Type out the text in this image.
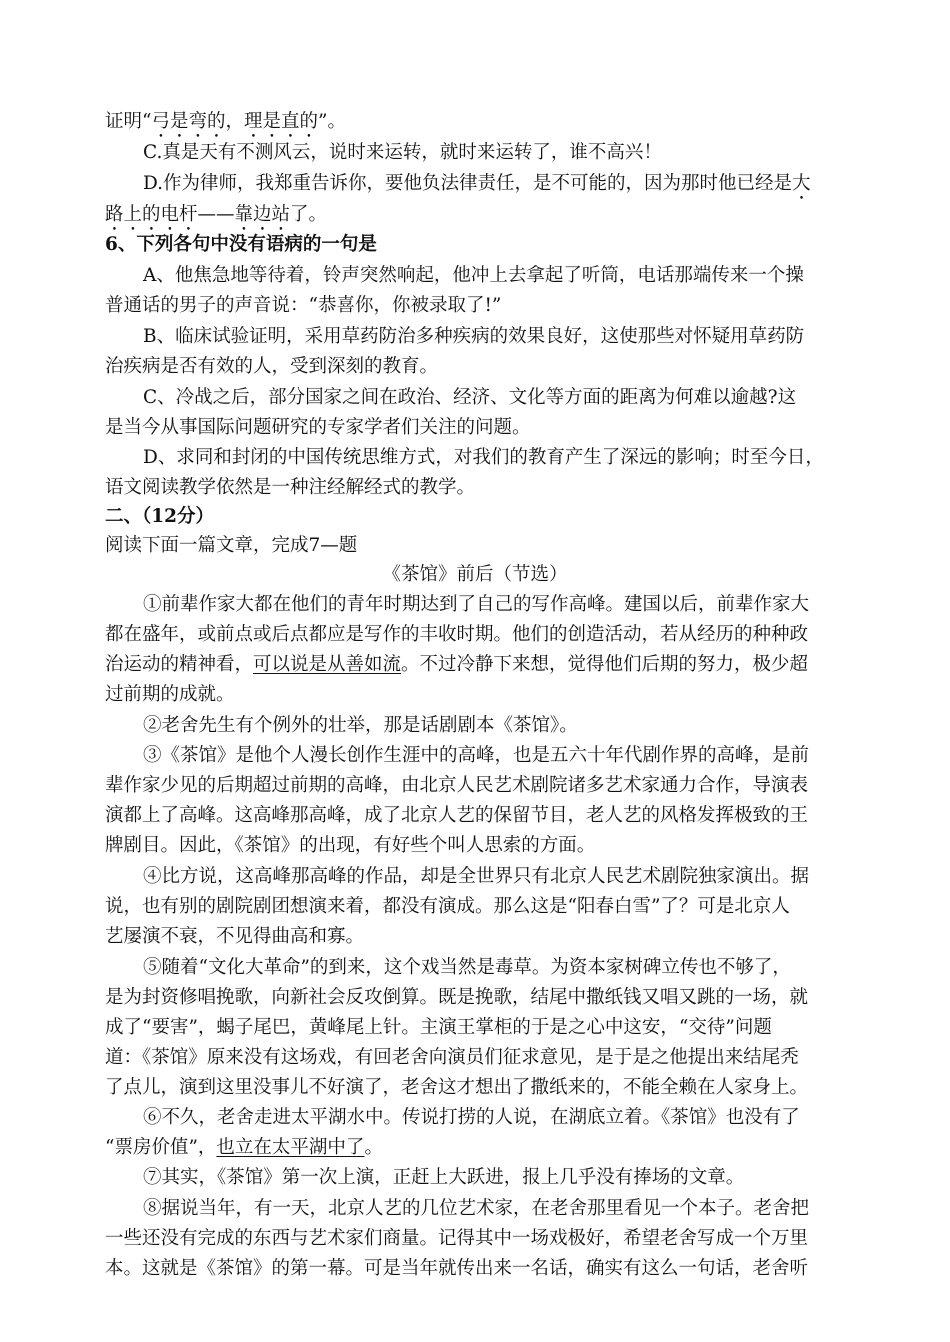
证明“弓是弯的，理是直的”。
C.真是天有不测风云，说时来运转，就时来运转了，谁不高兴！
D.作为律师，我郑重告诉你，要他负法律责任，是不可能的，因为那时他已经是大
路上的电杆——靠边站了。
6、下列各句中没有语病的一句是
A、他焦急地等待着，铃声突然响起，他冲上去拿起了听筒，电话那端传来一个操
普通话的男子的声音说：“恭喜你，你被录取了!”
B、临床试验证明，采用草药防治多种疾病的效果良好，这使那些对怀疑用草药防
治疾病是否有效的人，受到深刻的教育。
C、冷战之后，部分国家之间在政治、经济、文化等方面的距离为何难以逾越?这
是当今从事国际问题研究的专家学者们关注的问题。
D、求同和封闭的中国传统思维方式，对我们的教育产生了深远的影响；时至今日，
语文阅读教学依然是一种注经解经式的教学。
二、（12分）
阅读下面一篇文章，完成7—题
《茶馆》前后（节选）
①前辈作家大都在他们的青年时期达到了自己的写作高峰。建国以后，前辈作家大
都在盛年，或前点或后点都应是写作的丰收时期。他们的创造活动，若从经历的种种政
治运动的精神看，可以说是从善如流。不过冷静下来想，觉得他们后期的努力，极少超
过前期的成就。
②老舍先生有个例外的壮举，那是话剧剧本《茶馆》。
③《茶馆》是他个人漫长创作生涯中的高峰，也是五六十年代剧作界的高峰，是前
辈作家少见的后期超过前期的高峰，由北京人民艺术剧院诸多艺术家通力合作，导演表
演都上了高峰。这高峰那高峰，成了北京人艺的保留节目，老人艺的风格发挥极致的王
牌剧目。因此，《茶馆》的出现，有好些个叫人思索的方面。
④比方说，这高峰那高峰的作品，却是全世界只有北京人民艺术剧院独家演出。据
说，也有别的剧院剧团想演来着，都没有演成。那么这是“阳春白雪”了？可是北京人
艺屡演不衰，不见得曲高和寡。
⑤随着“文化大革命”的到来，这个戏当然是毒草。为资本家树碑立传也不够了，
是为封资修唱挽歌，向新社会反攻倒算。既是挽歌，结尾中撒纸钱又唱又跳的一场，就
成了“要害”，蝎子尾巴，黄峰尾上针。主演王掌柜的于是之心中这安，“交待”问题
道：《茶馆》原来没有这场戏，有回老舍向演员们征求意见，是于是之他提出来结尾秃
了点儿，演到这里没事儿不好演了，老舍这才想出了撒纸来的，不能全赖在人家身上。
⑥不久，老舍走进太平湖水中。传说打捞的人说，在湖底立着。《茶馆》也没有了
“票房价值”，也立在太平湖中了。
⑦其实，《茶馆》第一次上演，正赶上大跃进，报上几乎没有捧场的文章。
⑧据说当年，有一天，北京人艺的几位艺术家，在老舍那里看见一个本子。老舍把
一些还没有完成的东西与艺术家们商量。记得其中一场戏极好，希望老舍写成一个万里
本。这就是《茶馆》的第一幕。可是当年就传出来一名话，确实有这么一句话，老舍听
